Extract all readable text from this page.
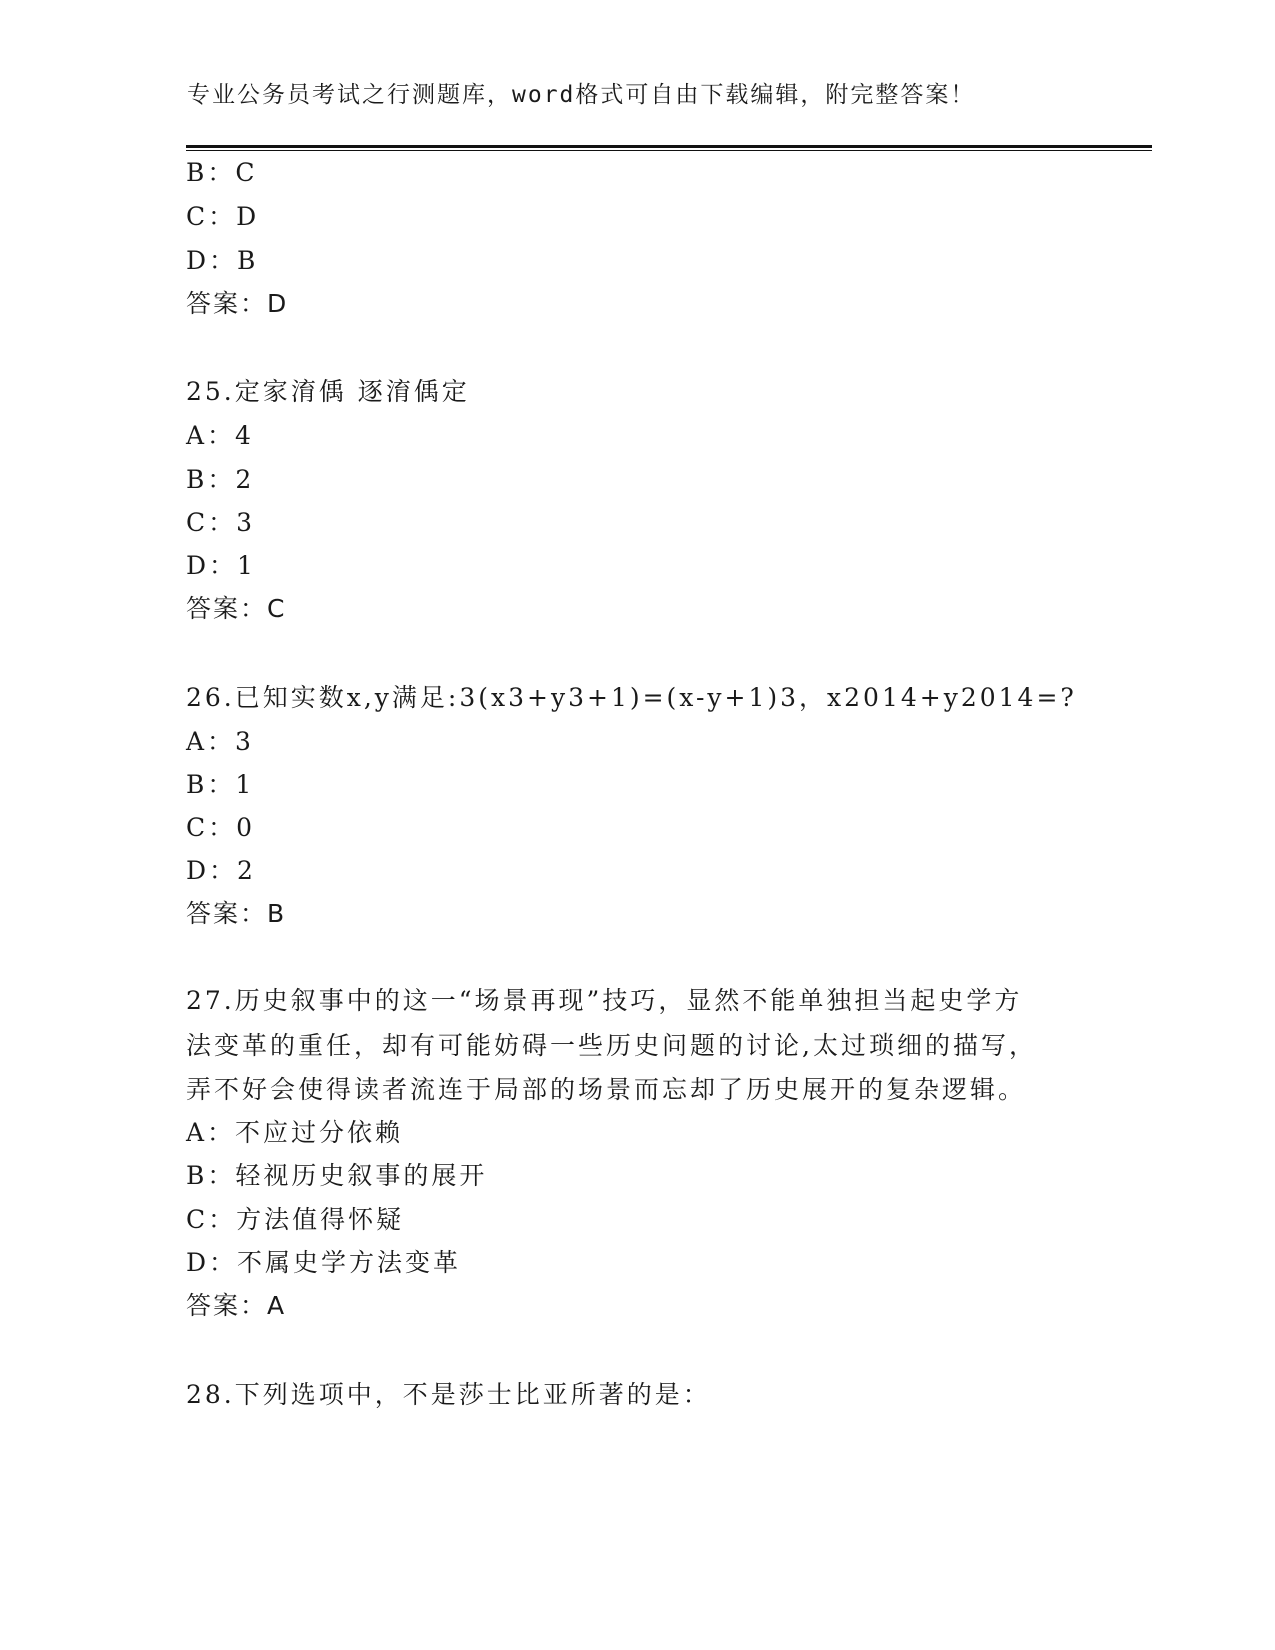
专业公务员考试之行测题库，word格式可自由下载编辑，附完整答案！
B：C
C：D
D：B
答案：D
25.定家淯偊 逐淯偊定
A：4
B：2
C：3
D：1
答案：C
26.已知实数x,y满足:3(x3+y3+1)=(x-y+1)3，x2014+y2014=?
A：3
B：1
C：0
D：2
答案：B
27.历史叙事中的这一“场景再现”技巧，显然不能单独担当起史学方
法变革的重任，却有可能妨碍一些历史问题的讨论,太过琐细的描写，
弄不好会使得读者流连于局部的场景而忘却了历史展开的复杂逻辑。
A：不应过分依赖
B：轻视历史叙事的展开
C：方法值得怀疑
D：不属史学方法变革
答案：A
28.下列选项中，不是莎士比亚所著的是：
